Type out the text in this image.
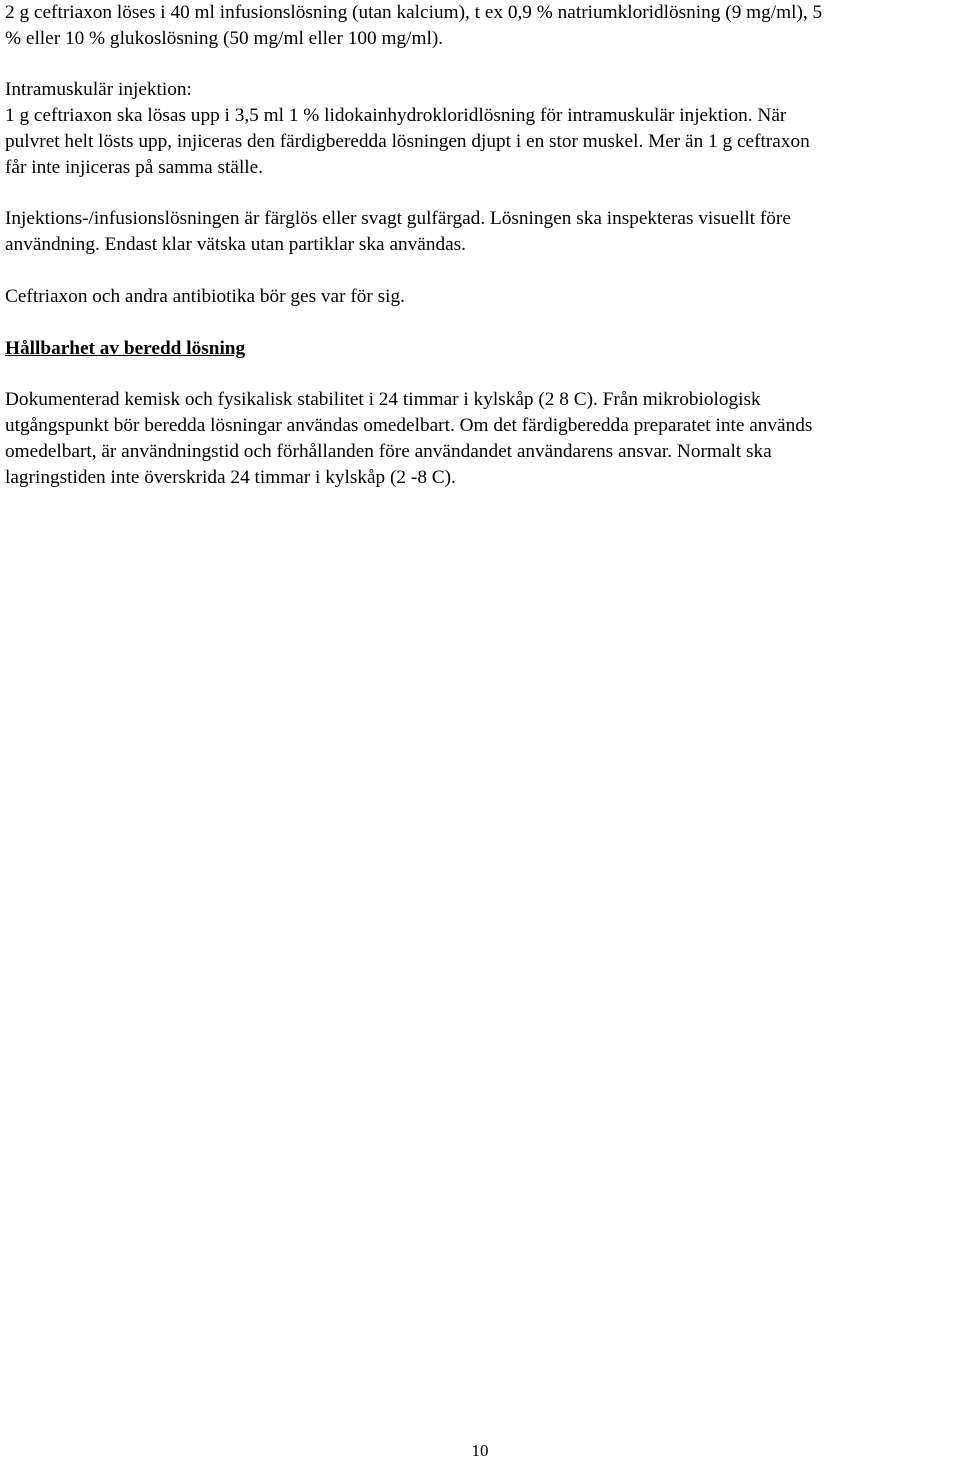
2 g ceftriaxon löses i 40 ml infusionslösning (utan kalcium), t ex 0,9 % natriumkloridlösning (9 mg/ml), 5
% eller 10 % glukoslösning (50 mg/ml eller 100 mg/ml).
Intramuskulär injektion:
1 g ceftriaxon ska lösas upp i 3,5 ml 1 % lidokainhydrokloridlösning för intramuskulär injektion. När
pulvret helt lösts upp, injiceras den färdigberedda lösningen djupt i en stor muskel. Mer än 1 g ceftraxon
får inte injiceras på samma ställe.
Injektions-/infusionslösningen är färglös eller svagt gulfärgad. Lösningen ska inspekteras visuellt före
användning. Endast klar vätska utan partiklar ska användas.
Ceftriaxon och andra antibiotika bör ges var för sig.
Hållbarhet av beredd lösning
Dokumenterad kemisk och fysikalisk stabilitet i 24 timmar i kylskåp (2 8 C). Från mikrobiologisk
utgångspunkt bör beredda lösningar användas omedelbart. Om det färdigberedda preparatet inte används
omedelbart, är användningstid och förhållanden före användandet användarens ansvar. Normalt ska
lagringstiden inte överskrida 24 timmar i kylskåp (2 -8 C).
10
